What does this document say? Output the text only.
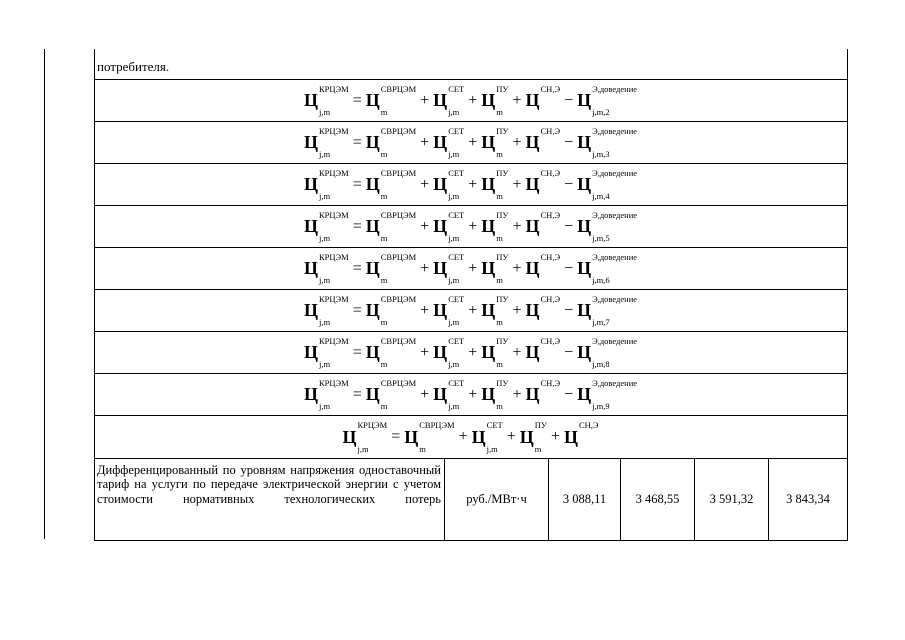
потребителя.
Ц
КРЦЭМ
j,m
= Ц
СВРЦЭМ
m
+ Ц
СЕТ
j,m
+ Ц
ПУ
m
+ Ц
СН,Э
− Ц
Э,доведение
j,m,2
Ц
КРЦЭМ
j,m
= Ц
СВРЦЭМ
m
+ Ц
СЕТ
j,m
+ Ц
ПУ
m
+ Ц
СН,Э
− Ц
Э,доведение
j,m,3
Ц
КРЦЭМ
j,m
= Ц
СВРЦЭМ
m
+ Ц
СЕТ
j,m
+ Ц
ПУ
m
+ Ц
СН,Э
− Ц
Э,доведение
j,m,4
Ц
КРЦЭМ
j,m
= Ц
СВРЦЭМ
m
+ Ц
СЕТ
j,m
+ Ц
ПУ
m
+ Ц
СН,Э
− Ц
Э,доведение
j,m,5
Ц
КРЦЭМ
j,m
= Ц
СВРЦЭМ
m
+ Ц
СЕТ
j,m
+ Ц
ПУ
m
+ Ц
СН,Э
− Ц
Э,доведение
j,m,6
Ц
КРЦЭМ
j,m
= Ц
СВРЦЭМ
m
+ Ц
СЕТ
j,m
+ Ц
ПУ
m
+ Ц
СН,Э
− Ц
Э,доведение
j,m,7
Ц
КРЦЭМ
j,m
= Ц
СВРЦЭМ
m
+ Ц
СЕТ
j,m
+ Ц
ПУ
m
+ Ц
СН,Э
− Ц
Э,доведение
j,m,8
Ц
КРЦЭМ
j,m
= Ц
СВРЦЭМ
m
+ Ц
СЕТ
j,m
+ Ц
ПУ
m
+ Ц
СН,Э
− Ц
Э,доведение
j,m,9
Ц
КРЦЭМ
j,m
= Ц
СВРЦЭМ
m
+ Ц
СЕТ
j,m
+ Ц
ПУ
m
+ Ц
СН,Э
Дифференцированный по уровням напряжения одноставочный тариф на услуги по передаче электрической энергии с учетом стоимости нормативных технологических потерь	руб./МВт·ч	3 088,11	3 468,55	3 591,32	3 843,34
